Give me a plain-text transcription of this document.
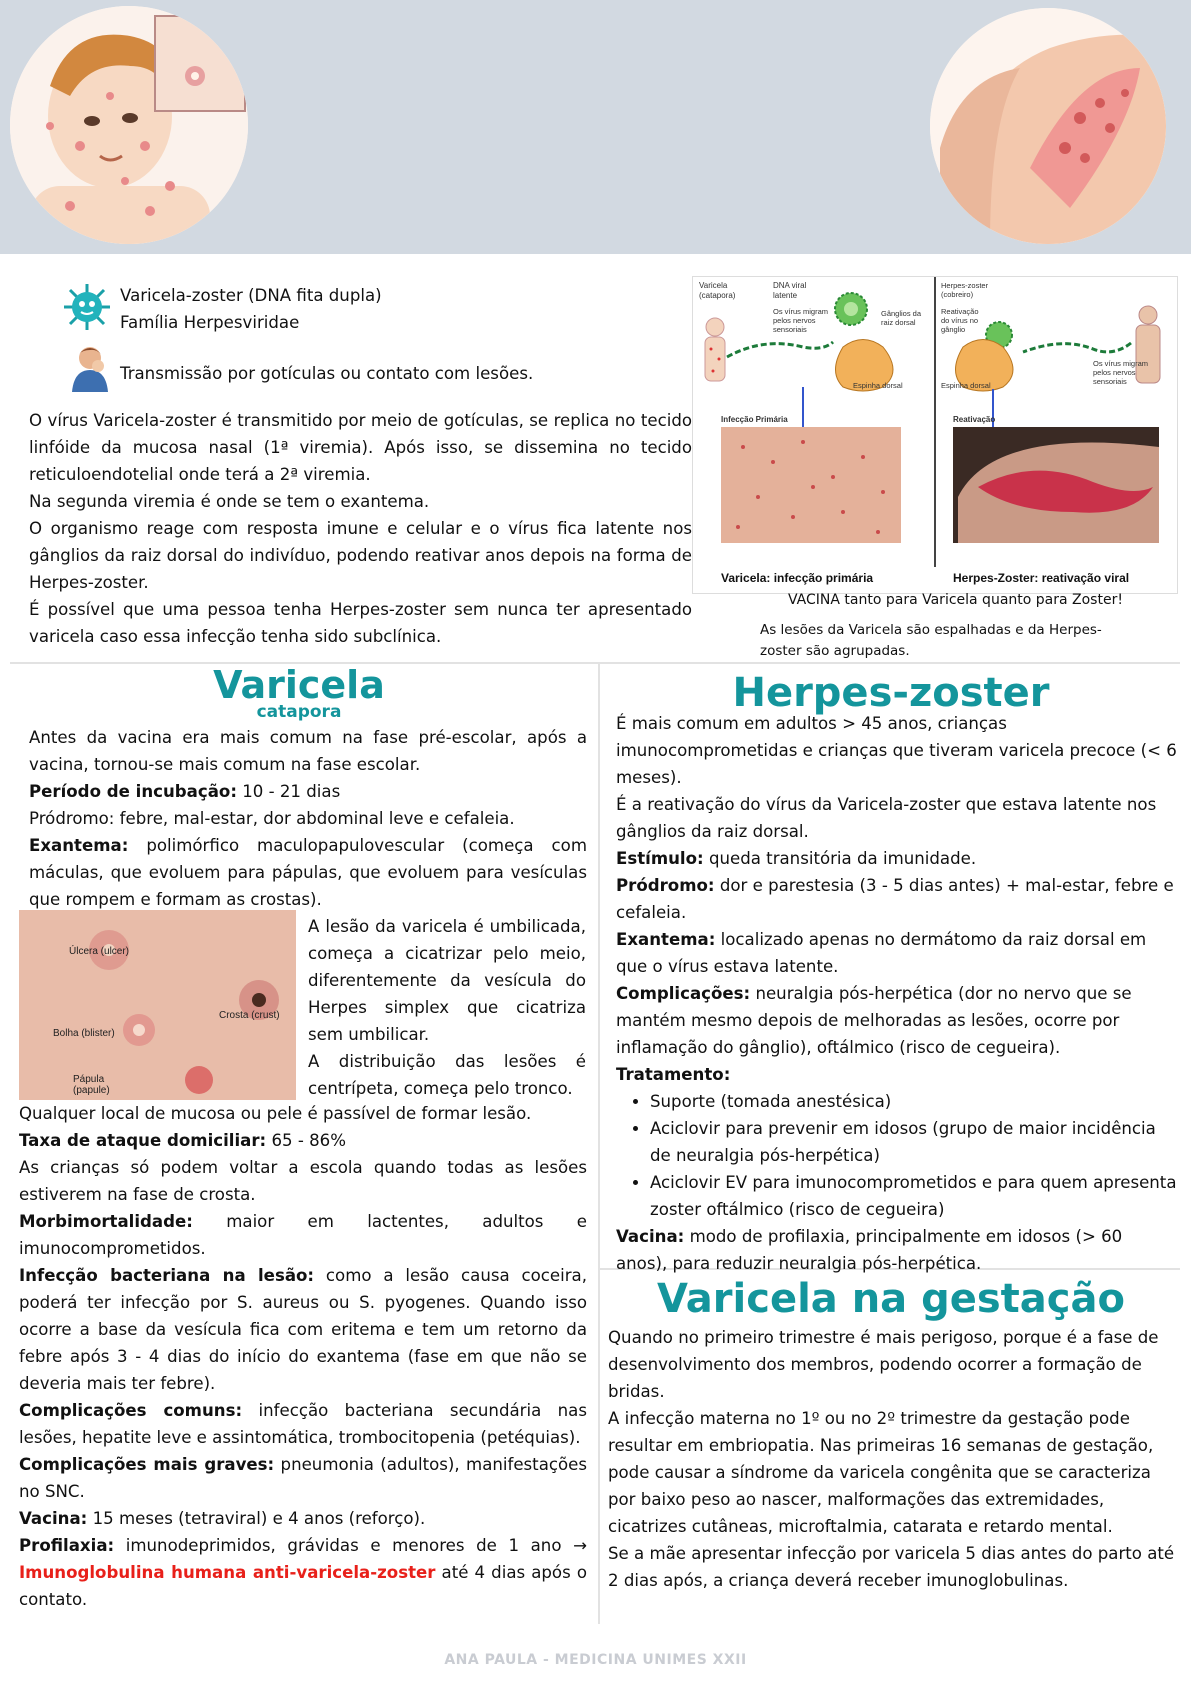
Varicela-zoster (DNA fita dupla)
Família Herpesviridae
Transmissão por gotículas ou contato com lesões.

O vírus Varicela-zoster é transmitido por meio de gotículas, se replica no tecido linfóide da mucosa nasal (1ª viremia). Após isso, se dissemina no tecido reticuloendotelial onde terá a 2ª viremia.

Na segunda viremia é onde se tem o exantema.

O organismo reage com resposta imune e celular e o vírus fica latente nos gânglios da raiz dorsal do indivíduo, podendo reativar anos depois na forma de Herpes-zoster.

É possível que uma pessoa tenha Herpes-zoster sem nunca ter apresentado varicela caso essa infecção tenha sido subclínica.

Varicela (catapora)
DNA viral latente
Os vírus migram pelos nervos sensoriais
Gânglios da raiz dorsal
Espinha dorsal
Herpes-zoster (cobreiro)
Reativação do vírus no gânglio
Espinha dorsal
Os vírus migram pelos nervos sensoriais
Infecção Primária	Reativação
Varicela: infecção primária	Herpes-Zoster: reativação viral
VACINA tanto para Varicela quanto para Zoster!
As lesões da Varicela são espalhadas e da Herpes-zoster são agrupadas.
Varicela
catapora

Antes da vacina era mais comum na fase pré-escolar, após a vacina, tornou-se mais comum na fase escolar.

Período de incubação: 10 - 21 dias

Pródromo: febre, mal-estar, dor abdominal leve e cefaleia.

Exantema: polimórfico maculopapulovescular (começa com máculas, que evoluem para pápulas, que evoluem para vesículas que rompem e formam as crostas).

Úlcera (ulcer)
Crosta (crust)
Bolha (blister)
Pápula (papule)

A lesão da varicela é umbilicada, começa a cicatrizar pelo meio, diferentemente da vesícula do Herpes simplex que cicatriza sem umbilicar.

A distribuição das lesões é centrípeta, começa pelo tronco.

Qualquer local de mucosa ou pele é passível de formar lesão.

Taxa de ataque domiciliar: 65 - 86%

As crianças só podem voltar a escola quando todas as lesões estiverem na fase de crosta.

Morbimortalidade: maior em lactentes, adultos e imunocomprometidos.

Infecção bacteriana na lesão: como a lesão causa coceira, poderá ter infecção por S. aureus ou S. pyogenes. Quando isso ocorre a base da vesícula fica com eritema e tem um retorno da febre após 3 - 4 dias do início do exantema (fase em que não se deveria mais ter febre).

Complicações comuns: infecção bacteriana secundária nas lesões, hepatite leve e assintomática, trombocitopenia (petéquias).

Complicações mais graves: pneumonia (adultos), manifestações no SNC.

Vacina: 15 meses (tetraviral) e 4 anos (reforço).

Profilaxia: imunodeprimidos, grávidas e menores de 1 ano → Imunoglobulina humana anti-varicela-zoster até 4 dias após o contato.

Herpes-zoster

É mais comum em adultos > 45 anos, crianças imunocomprometidas e crianças que tiveram varicela precoce (< 6 meses).

É a reativação do vírus da Varicela-zoster que estava latente nos gânglios da raiz dorsal.

Estímulo: queda transitória da imunidade.

Pródromo: dor e parestesia (3 - 5 dias antes) + mal-estar, febre e cefaleia.

Exantema: localizado apenas no dermátomo da raiz dorsal em que o vírus estava latente.

Complicações: neuralgia pós-herpética (dor no nervo que se mantém mesmo depois de melhoradas as lesões, ocorre por inflamação do gânglio), oftálmico (risco de cegueira).

Tratamento:

• Suporte (tomada anestésica)
• Aciclovir para prevenir em idosos (grupo de maior incidência de neuralgia pós-herpética)
• Aciclovir EV para imunocomprometidos e para quem apresenta zoster oftálmico (risco de cegueira)

Vacina: modo de profilaxia, principalmente em idosos (> 60 anos), para reduzir neuralgia pós-herpética.

Varicela na gestação

Quando no primeiro trimestre é mais perigoso, porque é a fase de desenvolvimento dos membros, podendo ocorrer a formação de bridas.

A infecção materna no 1º ou no 2º trimestre da gestação pode resultar em embriopatia. Nas primeiras 16 semanas de gestação, pode causar a síndrome da varicela congênita que se caracteriza por baixo peso ao nascer, malformações das extremidades, cicatrizes cutâneas, microftalmia, catarata e retardo mental.

Se a mãe apresentar infecção por varicela 5 dias antes do parto até 2 dias após, a criança deverá receber imunoglobulinas.

ANA PAULA - MEDICINA UNIMES XXII
